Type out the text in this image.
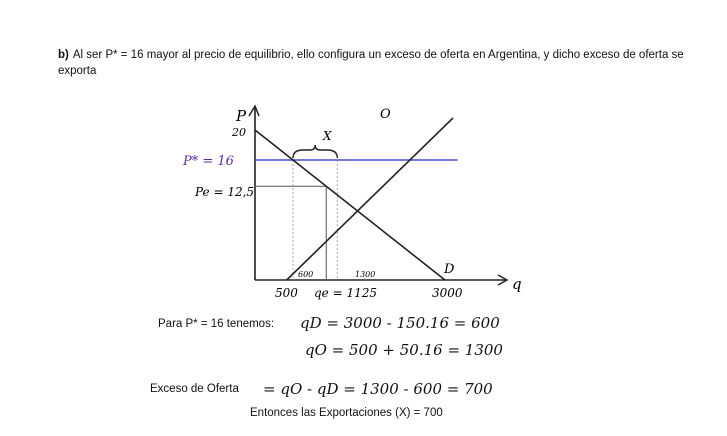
b) Al ser P* = 16 mayor al precio de equilibrio, ello configura un exceso de oferta en Argentina, y dicho exceso de oferta se exporta
P
q
20
P* = 16
Pe = 12,5
500 qe = 1125	3000
600	1300	D
O
X
Para P* = 16 tenemos: qD = 3000 - 150.16 = 600
qO = 500 + 50.16 = 1300
Exceso de Oferta = qO - qD = 1300 - 600 = 700
Entonces las Exportaciones (X) = 700
